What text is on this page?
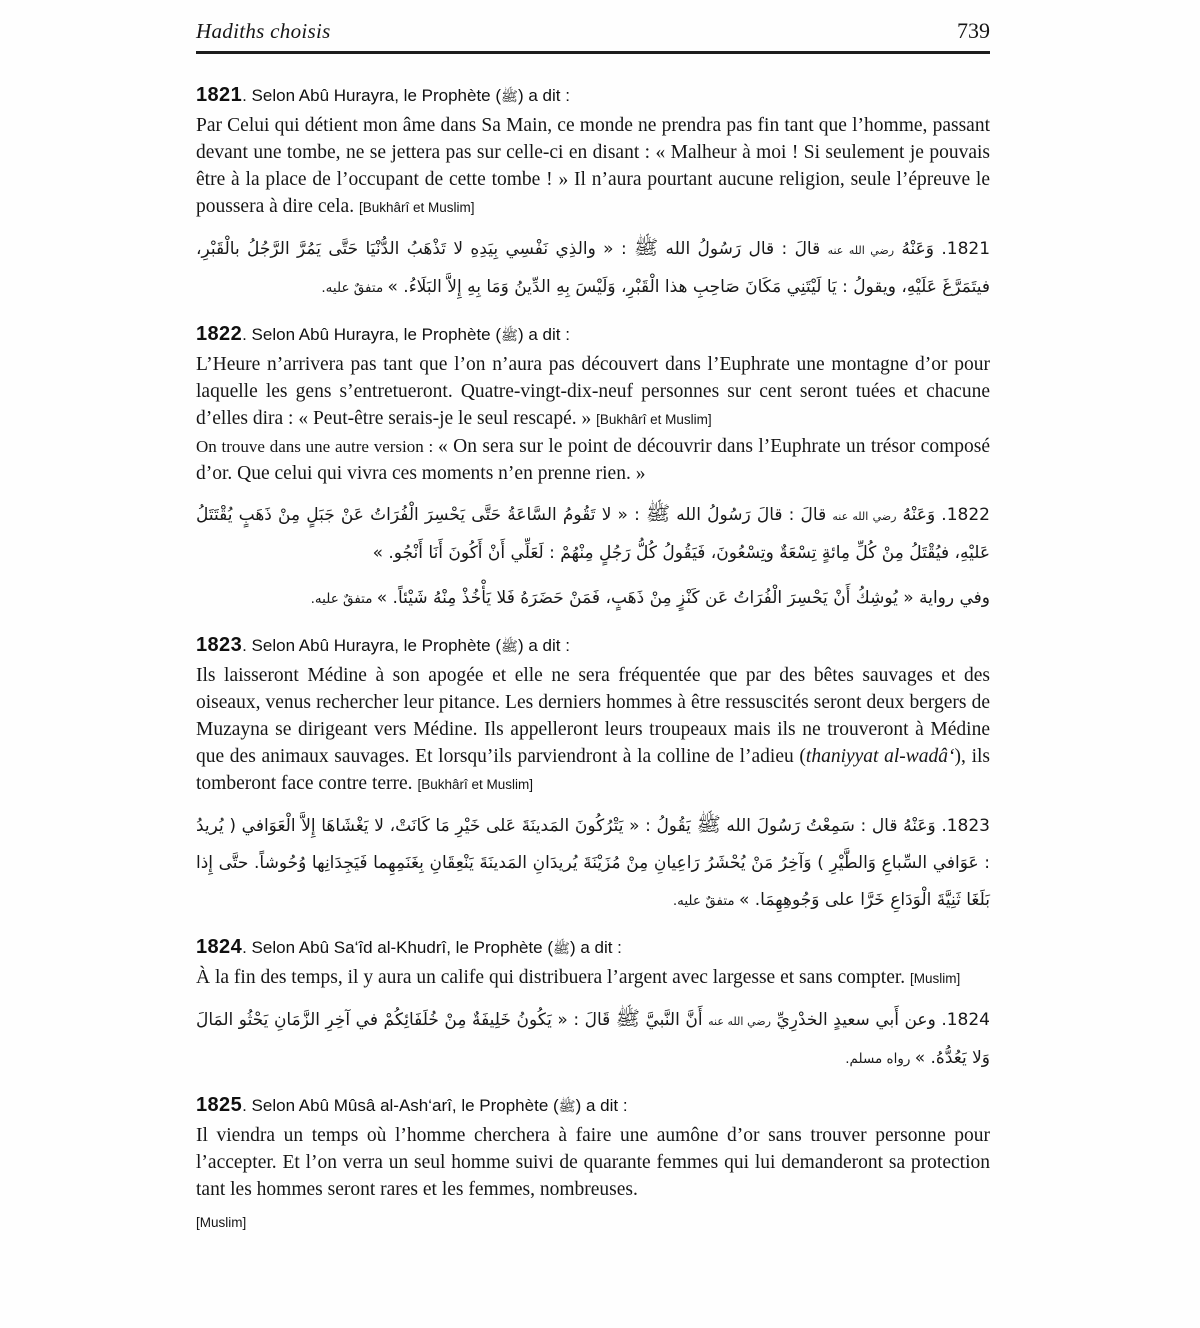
Hadiths choisis	739
1821. Selon Abû Hurayra, le Prophète (ﷺ) a dit :

Par Celui qui détient mon âme dans Sa Main, ce monde ne prendra pas fin tant que l’homme, passant devant une tombe, ne se jettera pas sur celle-ci en disant : « Malheur à moi ! Si seulement je pouvais être à la place de l’occupant de cette tombe ! » Il n’aura pourtant aucune religion, seule l’épreuve le poussera à dire cela. [Bukhârî et Muslim]

1821. وَعَنْهُ رضي الله عنه قالَ : قال رَسُولُ الله ﷺ : « والذِي نَفْسِي بِيَدِهِ لا تَذْهَبُ الدُّنْيَا حَتَّى يَمُرَّ الرَّجُلُ بالْقَبْرِ، فيتَمَرَّغَ عَلَيْهِ، ويقولُ : يَا لَيْتَنِي مَكَانَ صَاحِبِ هذا الْقَبْرِ، وَلَيْسَ بِهِ الدِّينُ وَمَا بِهِ إِلاَّ البَلَاءُ. » متفقٌ عليه.

1822. Selon Abû Hurayra, le Prophète (ﷺ) a dit :

L’Heure n’arrivera pas tant que l’on n’aura pas découvert dans l’Euphrate une montagne d’or pour laquelle les gens s’entretueront. Quatre-vingt-dix-neuf personnes sur cent seront tuées et chacune d’elles dira : « Peut-être serais-je le seul rescapé. » [Bukhârî et Muslim]

On trouve dans une autre version : « On sera sur le point de découvrir dans l’Euphrate un trésor composé d’or. Que celui qui vivra ces moments n’en prenne rien. »

1822. وَعَنْهُ رضي الله عنه قالَ : قالَ رَسُولُ الله ﷺ : « لا تَقُومُ السَّاعَةُ حَتَّى يَحْسِرَ الْفُرَاتُ عَنْ جَبَلٍ مِنْ ذَهَبٍ يُقْتَتَلُ عَليْهِ، فيُقْتَلُ مِنْ كُلِّ مِائةٍ تِسْعَةٌ وتِسْعُونَ، فَيَقُولُ كُلُّ رَجُلٍ مِنْهُمْ : لَعَلِّي أَنْ أَكُونَ أَنَا أَنْجُو. »

وفي رواية « يُوشِكُ أَنْ يَحْسِرَ الْفُرَاتُ عَن كَنْزٍ مِنْ ذَهَبٍ، فَمَنْ حَضَرَهُ فَلا يَأْخُذْ مِنْهُ شَيْئاً. » متفقٌ عليه.

1823. Selon Abû Hurayra, le Prophète (ﷺ) a dit :

Ils laisseront Médine à son apogée et elle ne sera fréquentée que par des bêtes sauvages et des oiseaux, venus rechercher leur pitance. Les derniers hommes à être ressuscités seront deux bergers de Muzayna se dirigeant vers Médine. Ils appelleront leurs troupeaux mais ils ne trouveront à Médine que des animaux sauvages. Et lorsqu’ils parviendront à la colline de l’adieu (thaniyyat al-wadâ‘), ils tomberont face contre terre. [Bukhârî et Muslim]

1823. وَعَنْهُ قال : سَمِعْتُ رَسُولَ الله ﷺ يَقُولُ : « يَتْرُكُونَ المَدينَةَ عَلى خَيْرِ مَا كَانَتْ، لا يَغْشَاهَا إِلاَّ الْعَوَافي ( يُريدُ : عَوَافي السِّباعِ وَالطَّيْرِ ) وَآخِرُ مَنْ يُحْشَرُ رَاعِيانِ مِنْ مُزَيْنَةَ يُريدَانِ المَدينَةَ يَنْعِقَانِ بِغَنَمِهِما فَيَجِدَانِها وُحُوشاً. حتَّى إِذا بَلَغَا ثَنِيَّةَ الْوَدَاعِ خَرَّا على وَجُوهِهِمَا. » متفقٌ عليه.

1824. Selon Abû Sa‘îd al-Khudrî, le Prophète (ﷺ) a dit :

À la fin des temps, il y aura un calife qui distribuera l’argent avec largesse et sans compter. [Muslim]

1824. وعن أَبي سعيدٍ الخدْرِيِّ رضي الله عنه أَنَّ النَّبيَّ ﷺ قَالَ : « يَكُونُ خَلِيفَةٌ مِنْ خُلَفَائِكُمْ في آخِرِ الزَّمَانِ يَحْثُو المَالَ وَلا يَعُدُّهُ. » رواه مسلم.

1825. Selon Abû Mûsâ al-Ash‘arî, le Prophète (ﷺ) a dit :

Il viendra un temps où l’homme cherchera à faire une aumône d’or sans trouver personne pour l’accepter. Et l’on verra un seul homme suivi de quarante femmes qui lui demanderont sa protection tant les hommes seront rares et les femmes, nombreuses.

[Muslim]
